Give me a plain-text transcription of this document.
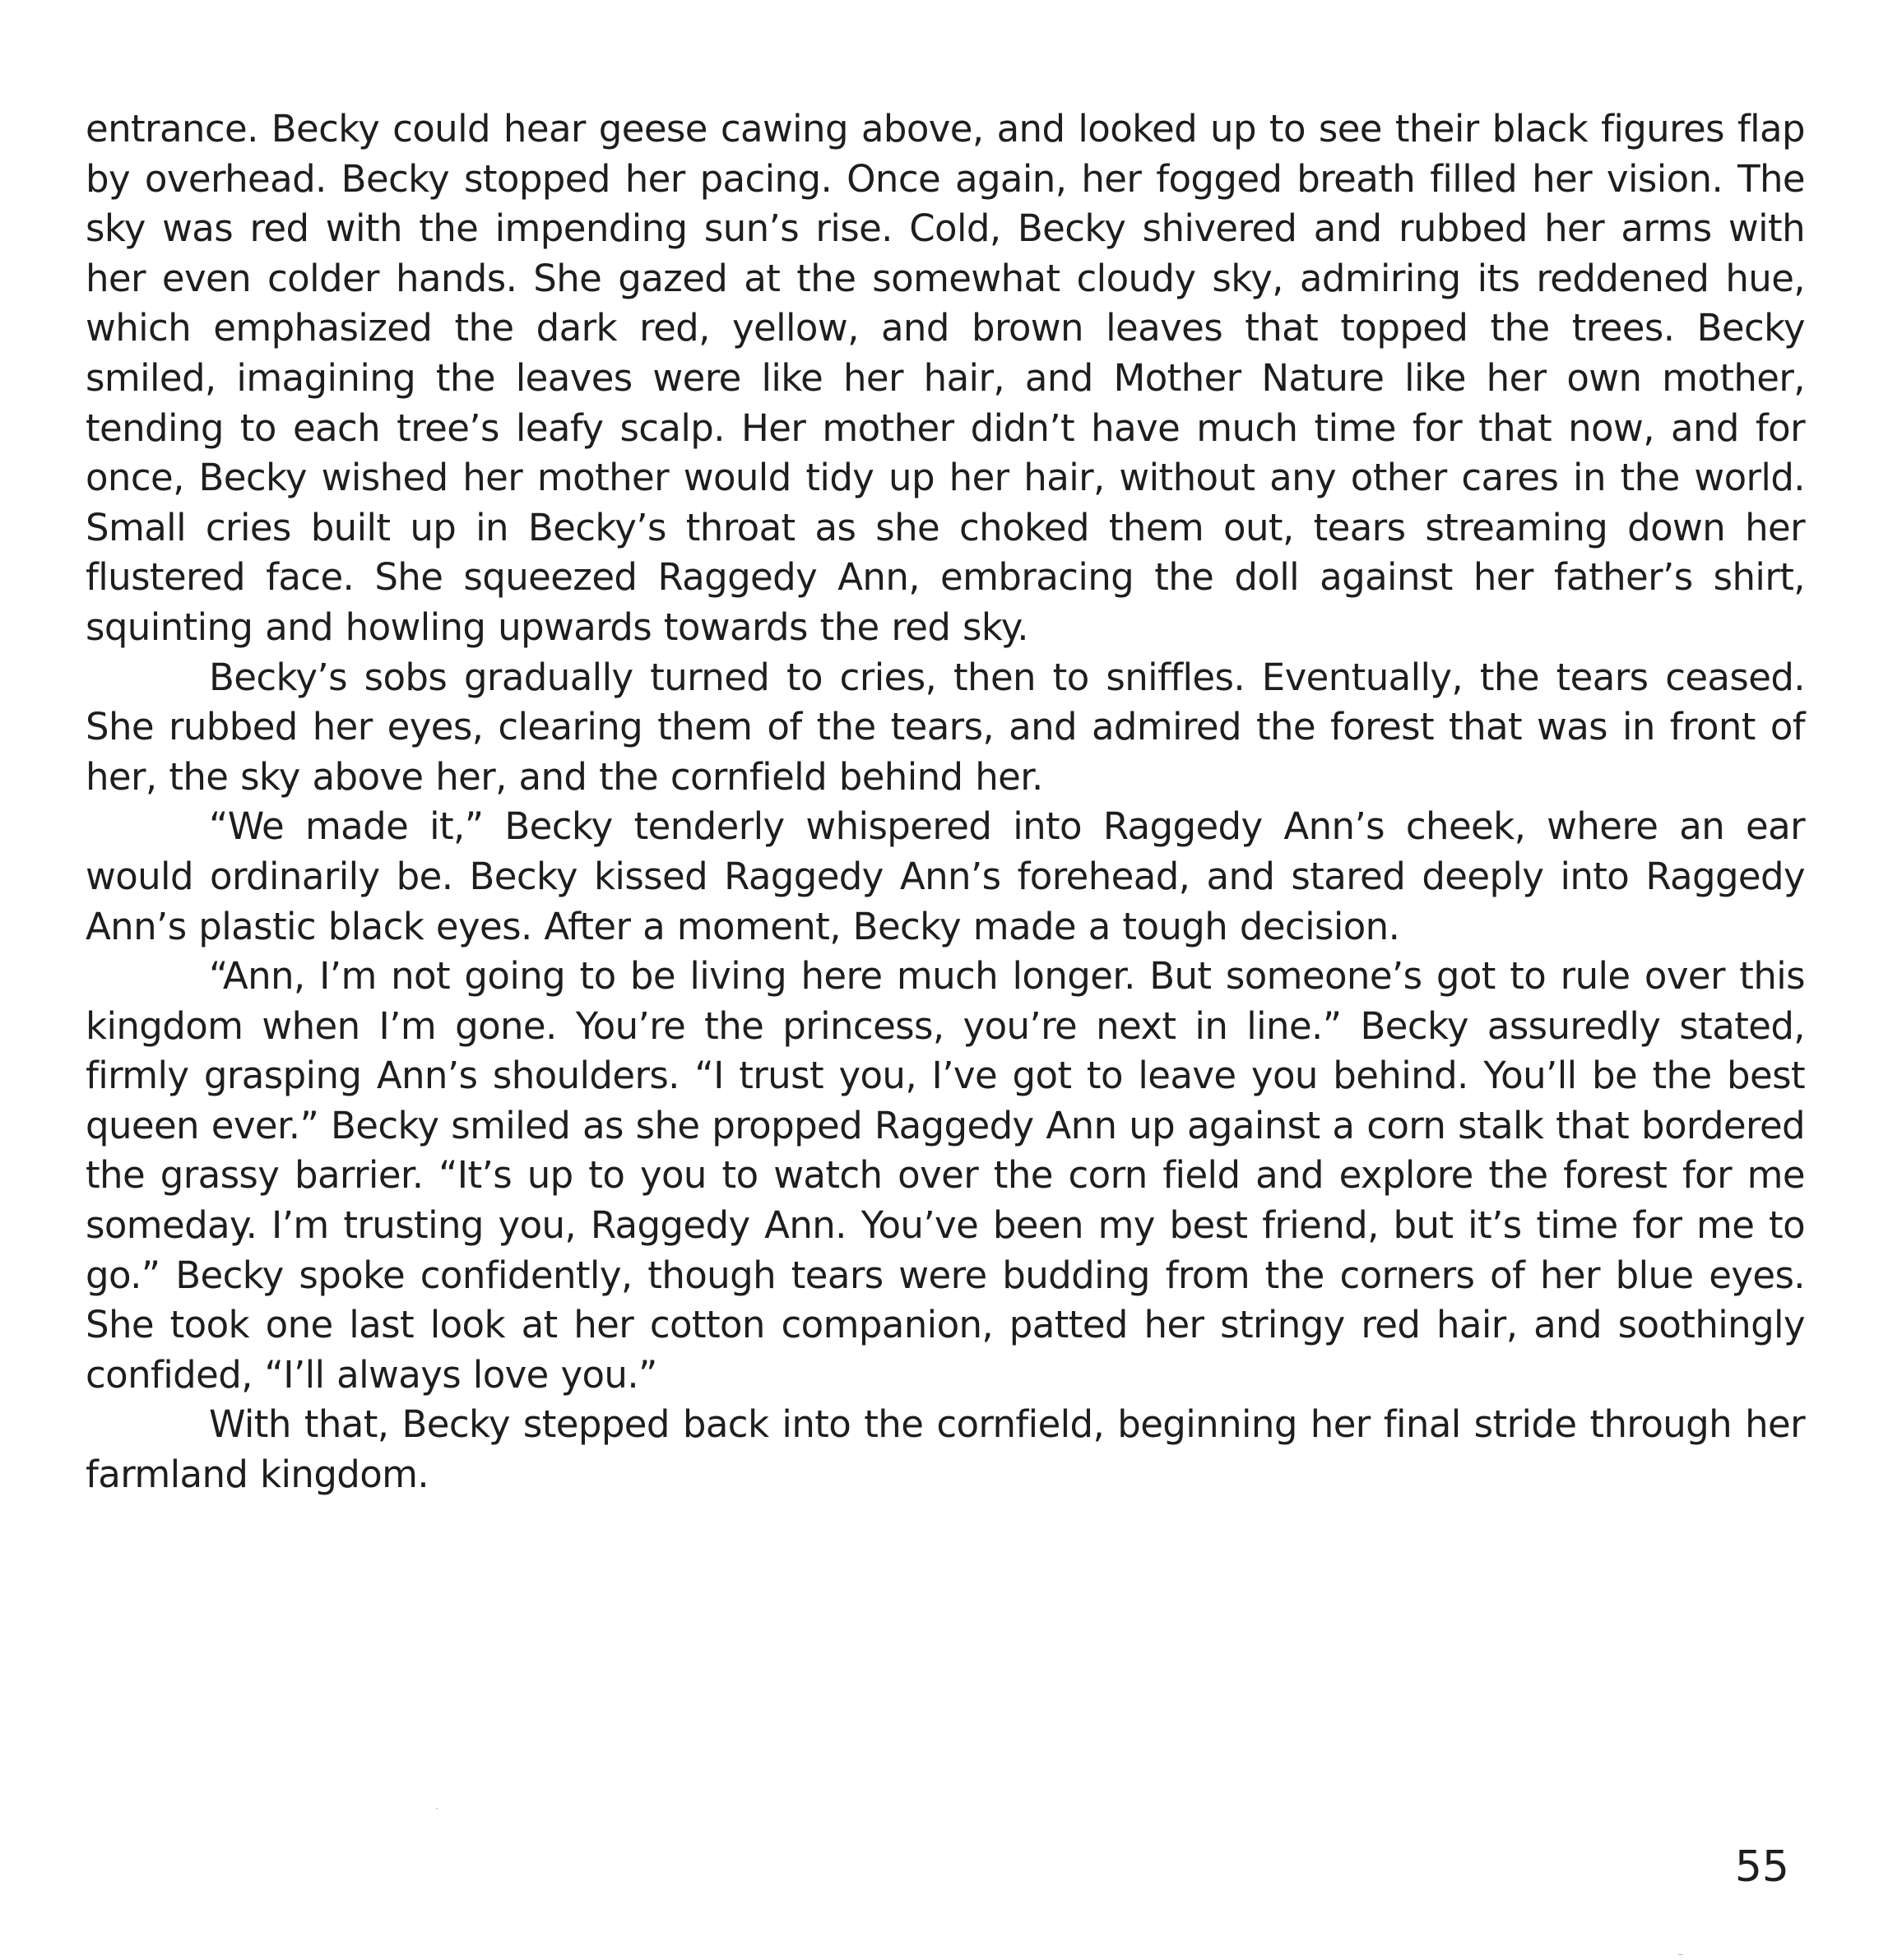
entrance. Becky could hear geese cawing above, and looked up to see their black figures flap by overhead. Becky stopped her pacing. Once again, her fogged breath filled her vision. The sky was red with the impending sun’s rise. Cold, Becky shivered and rubbed her arms with her even colder hands. She gazed at the somewhat cloudy sky, admiring its reddened hue, which emphasized the dark red, yellow, and brown leaves that topped the trees. Becky smiled, imagining the leaves were like her hair, and Mother Nature like her own mother, tending to each tree’s leafy scalp. Her mother didn’t have much time for that now, and for once, Becky wished her mother would tidy up her hair, without any other cares in the world. Small cries built up in Becky’s throat as she choked them out, tears streaming down her flustered face. She squeezed Raggedy Ann, embracing the doll against her father’s shirt, squinting and howling upwards towards the red sky.

Becky’s sobs gradually turned to cries, then to sniffles. Eventually, the tears ceased. She rubbed her eyes, clearing them of the tears, and admired the forest that was in front of her, the sky above her, and the cornfield behind her.

“We made it,” Becky tenderly whispered into Raggedy Ann’s cheek, where an ear would ordinarily be. Becky kissed Raggedy Ann’s forehead, and stared deeply into Raggedy Ann’s plastic black eyes. After a moment, Becky made a tough decision.

“Ann, I’m not going to be living here much longer. But someone’s got to rule over this kingdom when I’m gone. You’re the princess, you’re next in line.” Becky assuredly stated, firmly grasping Ann’s shoulders. “I trust you, I’ve got to leave you behind. You’ll be the best queen ever.” Becky smiled as she propped Raggedy Ann up against a corn stalk that bordered the grassy barrier. “It’s up to you to watch over the corn field and explore the forest for me someday. I’m trusting you, Raggedy Ann. You’ve been my best friend, but it’s time for me to go.” Becky spoke confidently, though tears were budding from the corners of her blue eyes. She took one last look at her cotton companion, patted her stringy red hair, and soothingly confided, “I’ll always love you.”

With that, Becky stepped back into the cornfield, beginning her final stride through her farmland kingdom.

55
